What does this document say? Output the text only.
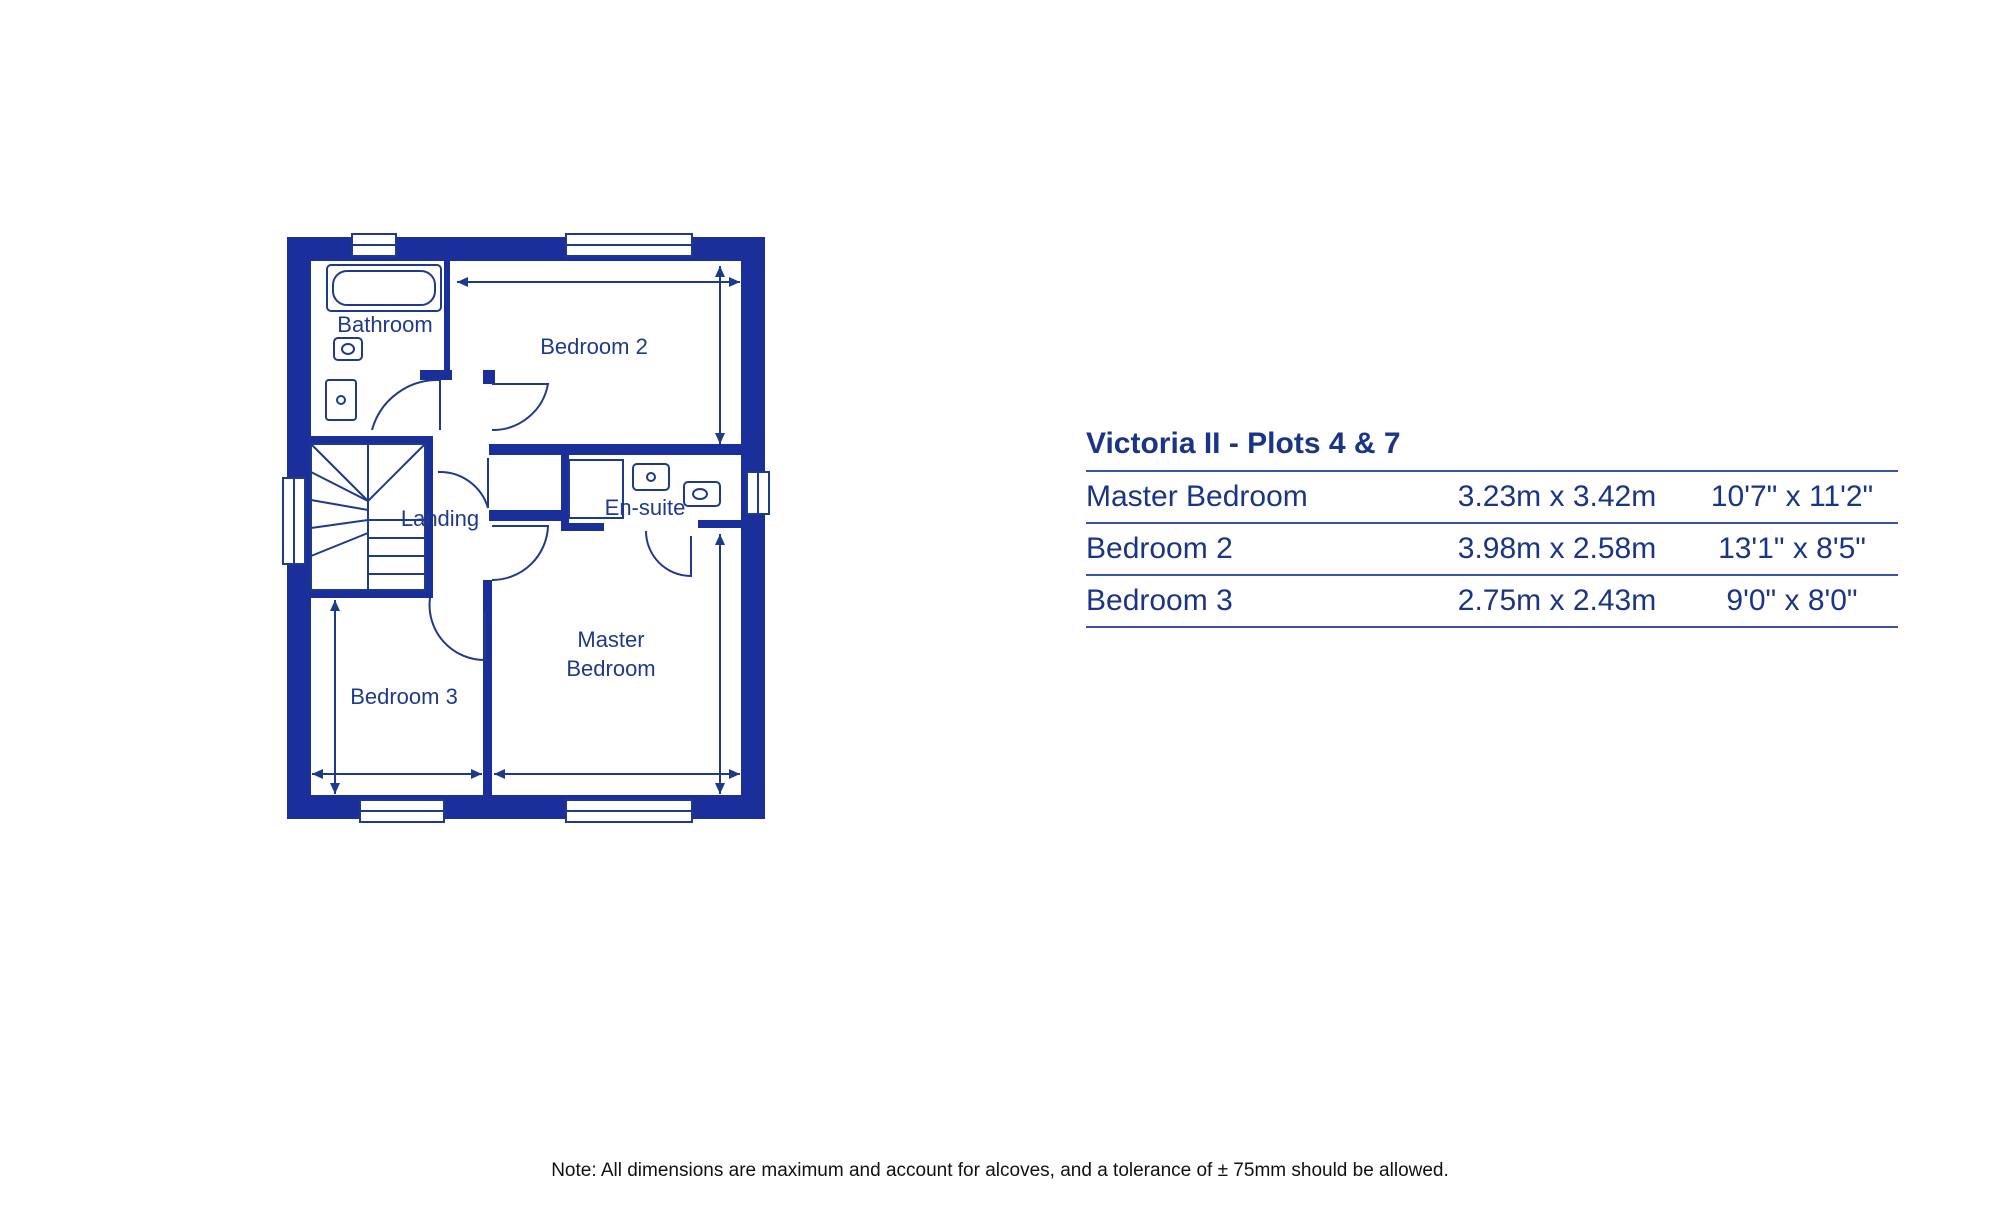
Bathroom
Bedroom 2
Landing	En-suite
Master
Bedroom
Bedroom 3
Victoria II - Plots 4 & 7
Master Bedroom	3.23m x 3.42m	10'7" x 11'2"
Bedroom 2	3.98m x 2.58m	13'1" x 8'5"
Bedroom 3	2.75m x 2.43m	9'0" x 8'0"
Note: All dimensions are maximum and account for alcoves, and a tolerance of ± 75mm should be allowed.
